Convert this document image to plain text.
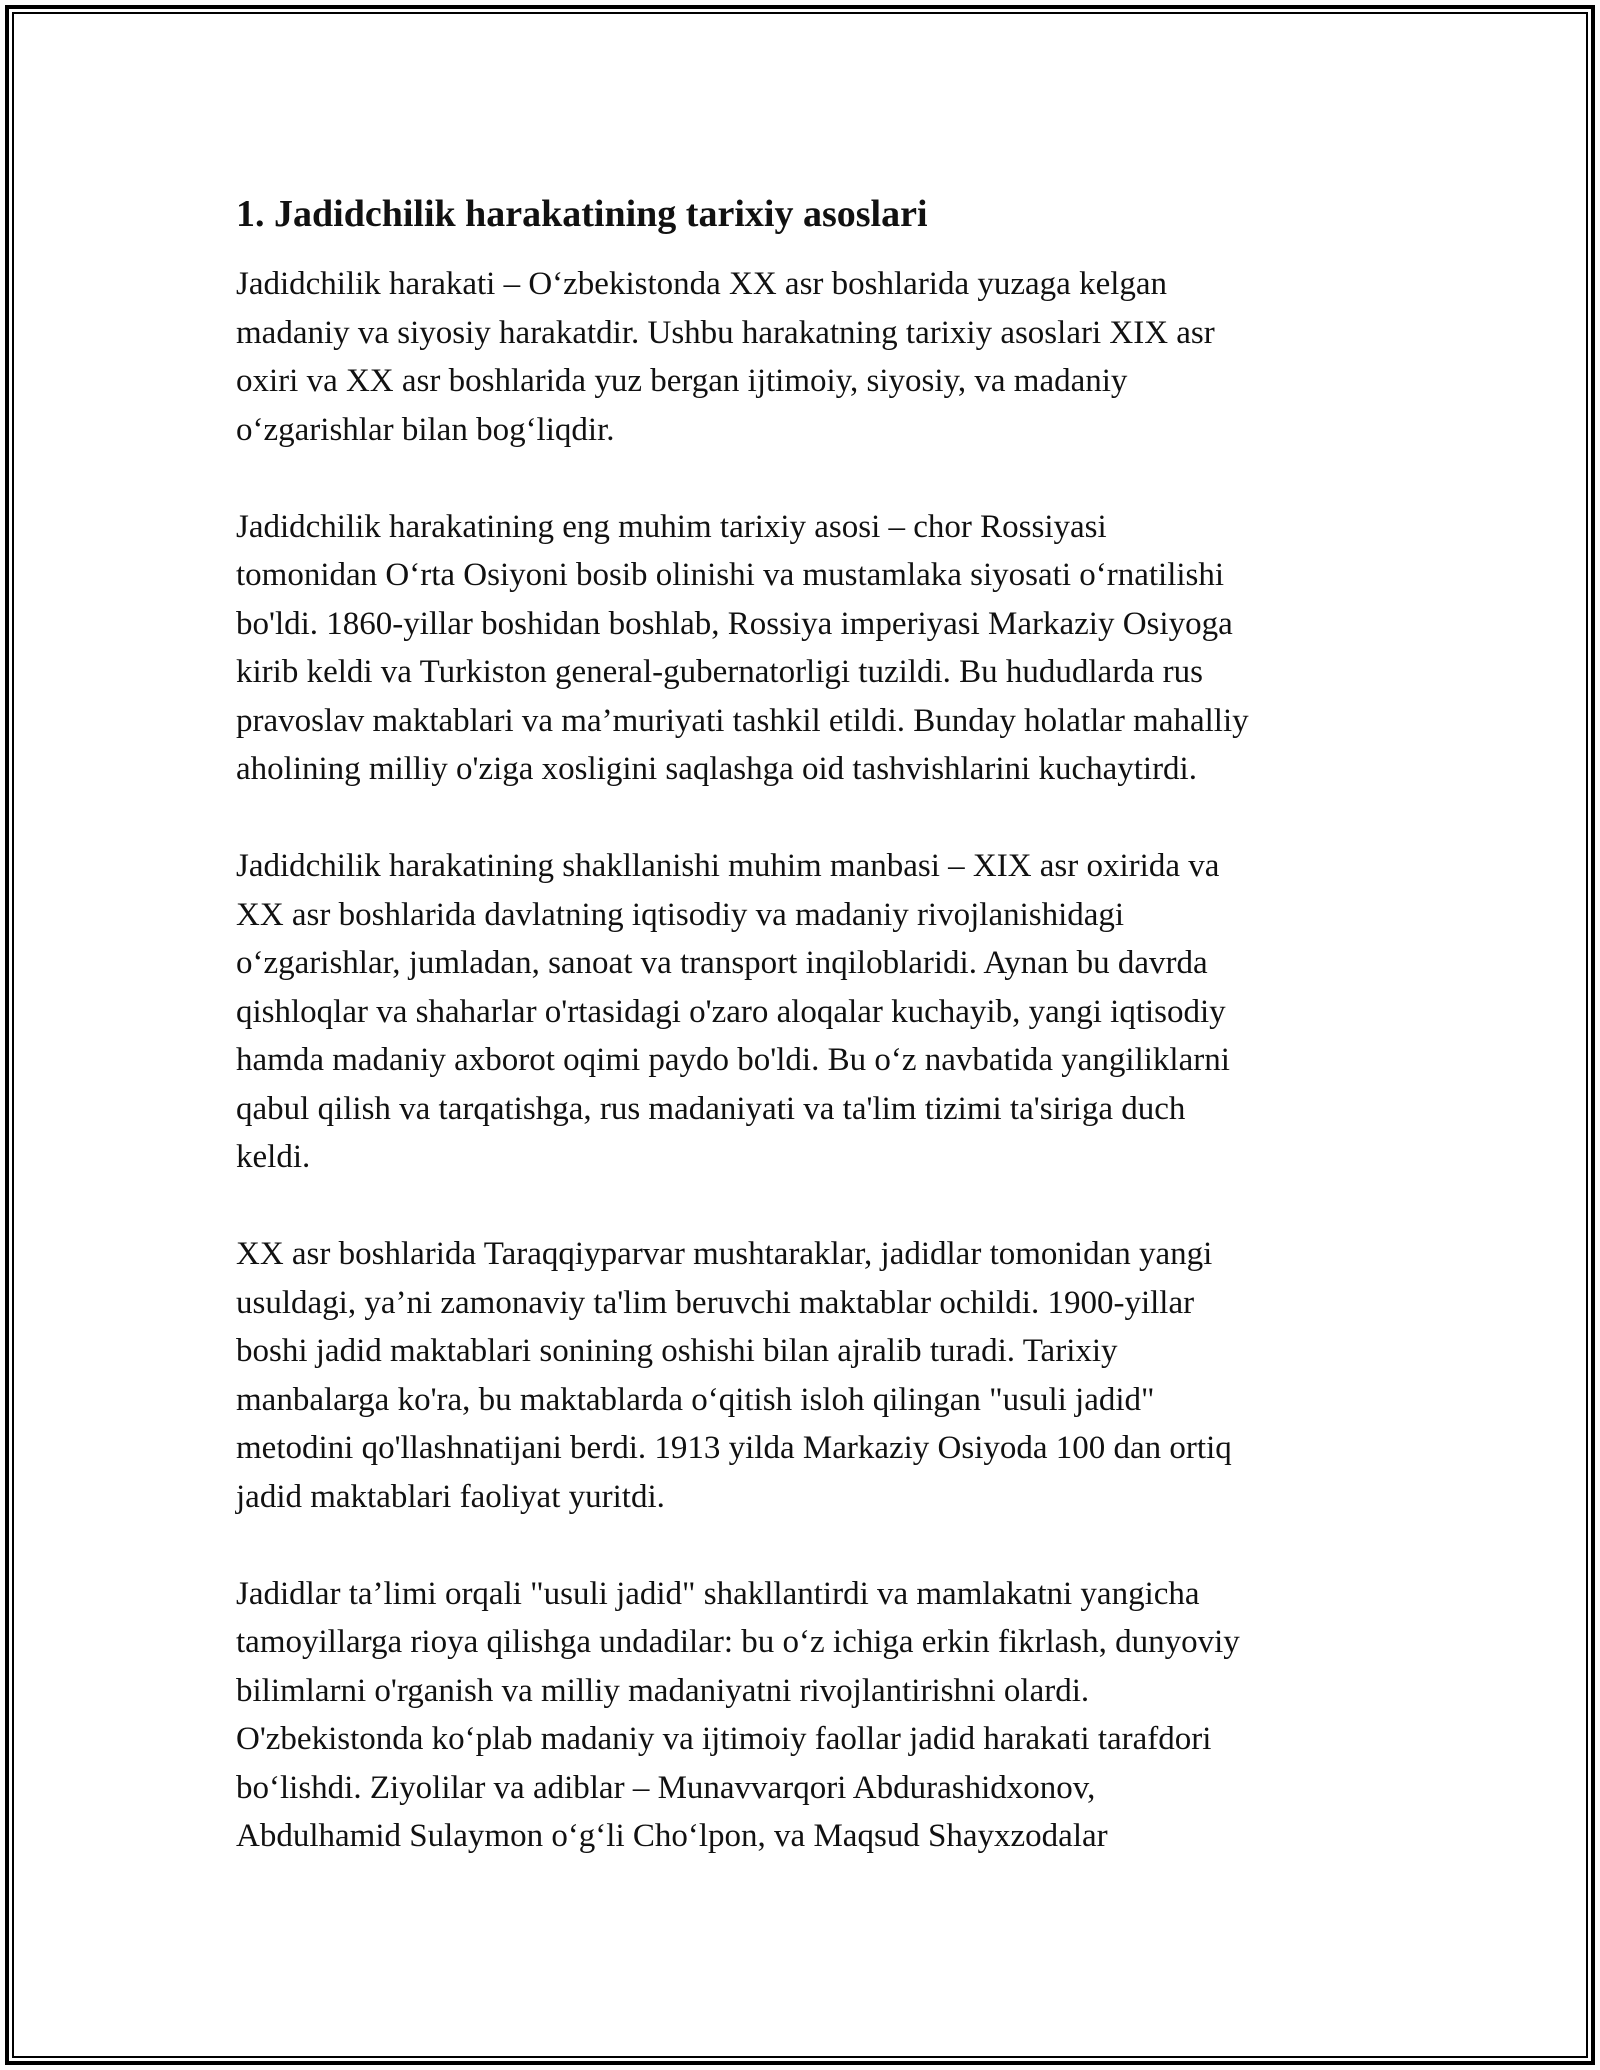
1. Jadidchilik harakatining tarixiy asoslari

Jadidchilik harakati – O‘zbekistonda XX asr boshlarida yuzaga kelgan
madaniy va siyosiy harakatdir. Ushbu harakatning tarixiy asoslari XIX asr
oxiri va XX asr boshlarida yuz bergan ijtimoiy, siyosiy, va madaniy
o‘zgarishlar bilan bog‘liqdir.

Jadidchilik harakatining eng muhim tarixiy asosi – chor Rossiyasi
tomonidan O‘rta Osiyoni bosib olinishi va mustamlaka siyosati o‘rnatilishi
bo'ldi. 1860-yillar boshidan boshlab, Rossiya imperiyasi Markaziy Osiyoga
kirib keldi va Turkiston general-gubernatorligi tuzildi. Bu hududlarda rus
pravoslav maktablari va ma’muriyati tashkil etildi. Bunday holatlar mahalliy
aholining milliy o'ziga xosligini saqlashga oid tashvishlarini kuchaytirdi.

Jadidchilik harakatining shakllanishi muhim manbasi – XIX asr oxirida va
XX asr boshlarida davlatning iqtisodiy va madaniy rivojlanishidagi
o‘zgarishlar, jumladan, sanoat va transport inqiloblaridi. Aynan bu davrda
qishloqlar va shaharlar o'rtasidagi o'zaro aloqalar kuchayib, yangi iqtisodiy
hamda madaniy axborot oqimi paydo bo'ldi. Bu o‘z navbatida yangiliklarni
qabul qilish va tarqatishga, rus madaniyati va ta'lim tizimi ta'siriga duch
keldi.

XX asr boshlarida Taraqqiyparvar mushtaraklar, jadidlar tomonidan yangi
usuldagi, ya’ni zamonaviy ta'lim beruvchi maktablar ochildi. 1900-yillar
boshi jadid maktablari sonining oshishi bilan ajralib turadi. Tarixiy
manbalarga ko'ra, bu maktablarda o‘qitish isloh qilingan "usuli jadid"
metodini qo'llashnatijani berdi. 1913 yilda Markaziy Osiyoda 100 dan ortiq
jadid maktablari faoliyat yuritdi.

Jadidlar ta’limi orqali "usuli jadid" shakllantirdi va mamlakatni yangicha
tamoyillarga rioya qilishga undadilar: bu o‘z ichiga erkin fikrlash, dunyoviy
bilimlarni o'rganish va milliy madaniyatni rivojlantirishni olardi.
O'zbekistonda ko‘plab madaniy va ijtimoiy faollar jadid harakati tarafdori
bo‘lishdi. Ziyolilar va adiblar – Munavvarqori Abdurashidxonov,
Abdulhamid Sulaymon o‘g‘li Cho‘lpon, va Maqsud Shayxzodalar
